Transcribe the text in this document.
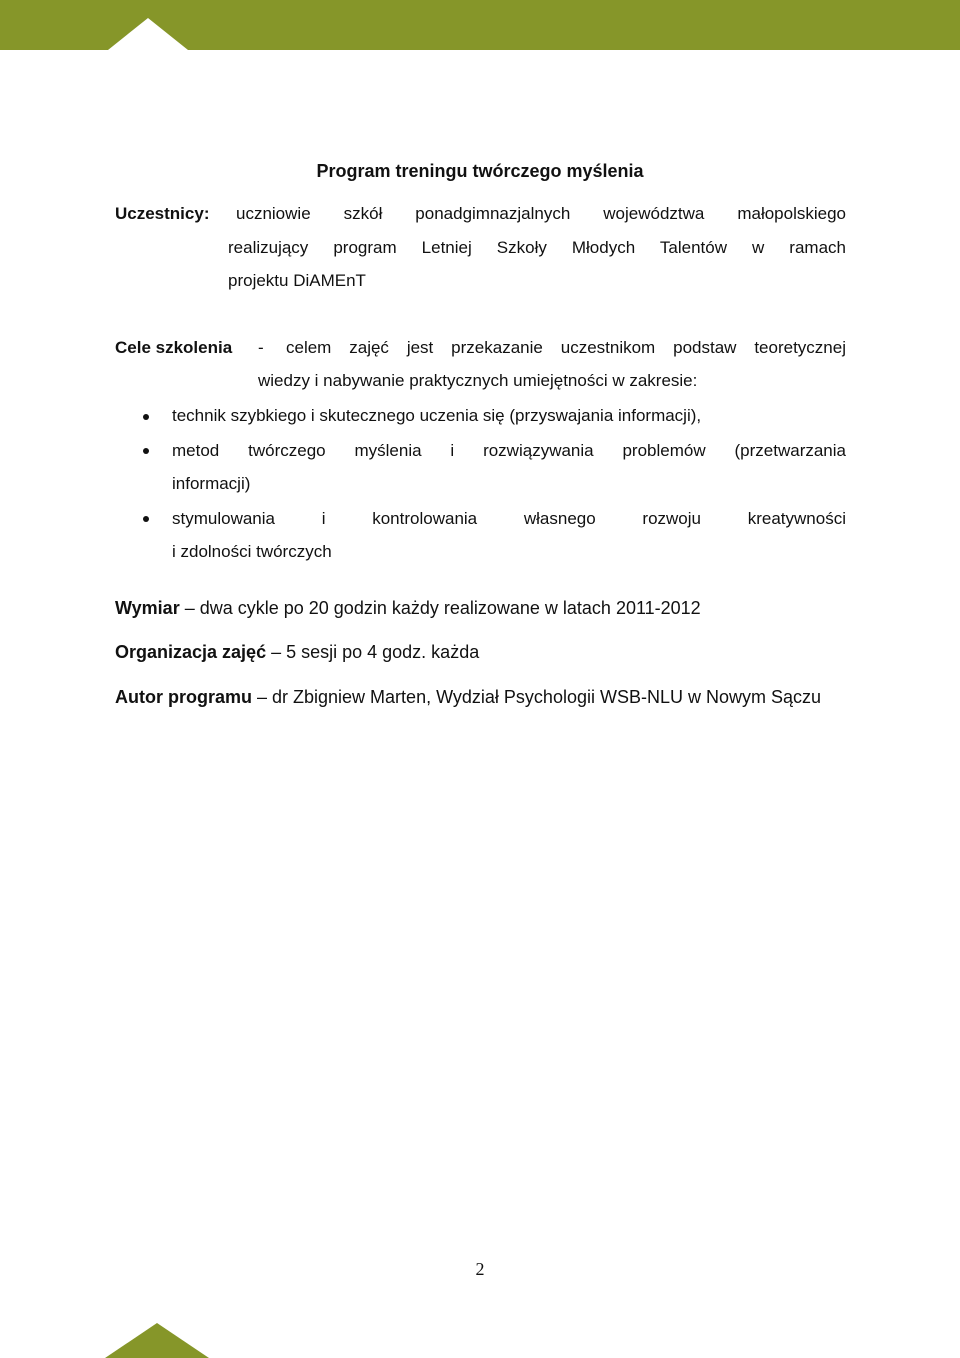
Program treningu twórczego myślenia
Uczestnicy: uczniowie szkół ponadgimnazjalnych województwa małopolskiego
realizujący program Letniej Szkoły Młodych Talentów w ramach
projektu DiAMEnT
Cele szkolenia - celem zajęć jest przekazanie uczestnikom podstaw teoretycznej
wiedzy i nabywanie praktycznych umiejętności w zakresie:
technik szybkiego i skutecznego uczenia się (przyswajania informacji),
metod twórczego myślenia i rozwiązywania problemów (przetwarzania
informacji)
stymulowania i kontrolowania własnego rozwoju kreatywności
i zdolności twórczych
Wymiar – dwa cykle po 20 godzin każdy realizowane w latach 2011-2012
Organizacja zajęć – 5 sesji po 4 godz. każda
Autor programu – dr Zbigniew Marten, Wydział Psychologii WSB-NLU w Nowym Sączu
2
